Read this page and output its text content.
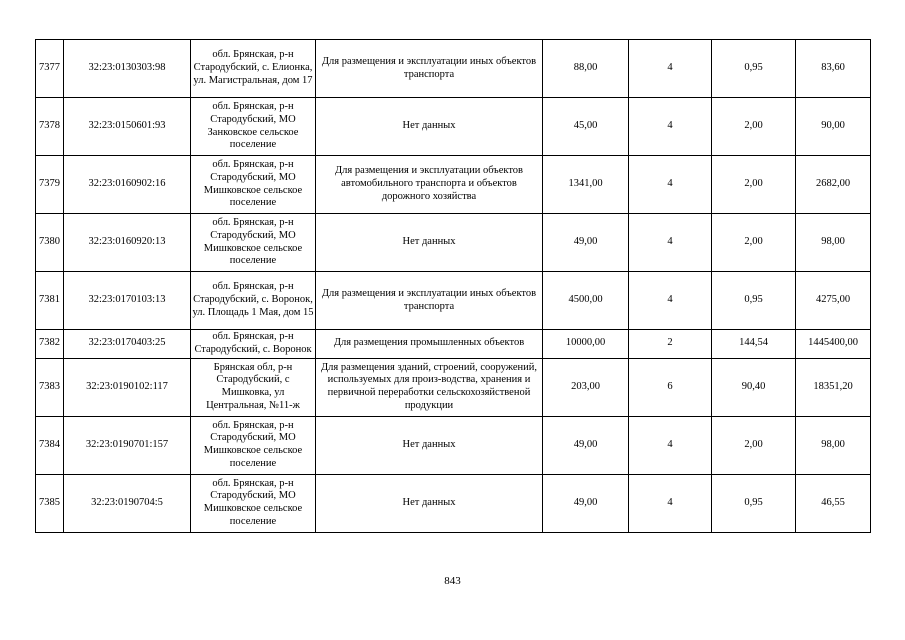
7377	32:23:0130303:98	обл. Брянская, р-н Стародубский, с. Елионка, ул. Магистральная, дом 17	Для размещения и эксплуатации иных объектов транспорта	88,00	4	0,95	83,60
7378	32:23:0150601:93	обл. Брянская, р-н Стародубский, МО Занковское сельское поселение	Нет данных	45,00	4	2,00	90,00
7379	32:23:0160902:16	обл. Брянская, р-н Стародубский, МО Мишковское сельское поселение	Для размещения и эксплуатации объектов автомобильного транспорта и объектов дорожного хозяйства	1341,00	4	2,00	2682,00
7380	32:23:0160920:13	обл. Брянская, р-н Стародубский, МО Мишковское сельское поселение	Нет данных	49,00	4	2,00	98,00
7381	32:23:0170103:13	обл. Брянская, р-н Стародубский, с. Воронок, ул. Площадь 1 Мая, дом 15	Для размещения и эксплуатации иных объектов транспорта	4500,00	4	0,95	4275,00
7382	32:23:0170403:25	обл. Брянская, р-н Стародубский, с. Воронок	Для размещения промышленных объектов	10000,00	2	144,54	1445400,00
7383	32:23:0190102:117	Брянская обл, р-н Стародубский, с Мишковка, ул Центральная, №11-ж	Для размещения зданий, строений, сооружений, используемых для произ-водства, хранения и первичной переработки сельскохозяйственой продукции	203,00	6	90,40	18351,20
7384	32:23:0190701:157	обл. Брянская, р-н Стародубский, МО Мишковское сельское поселение	Нет данных	49,00	4	2,00	98,00
7385	32:23:0190704:5	обл. Брянская, р-н Стародубский, МО Мишковское сельское поселение	Нет данных	49,00	4	0,95	46,55
843
